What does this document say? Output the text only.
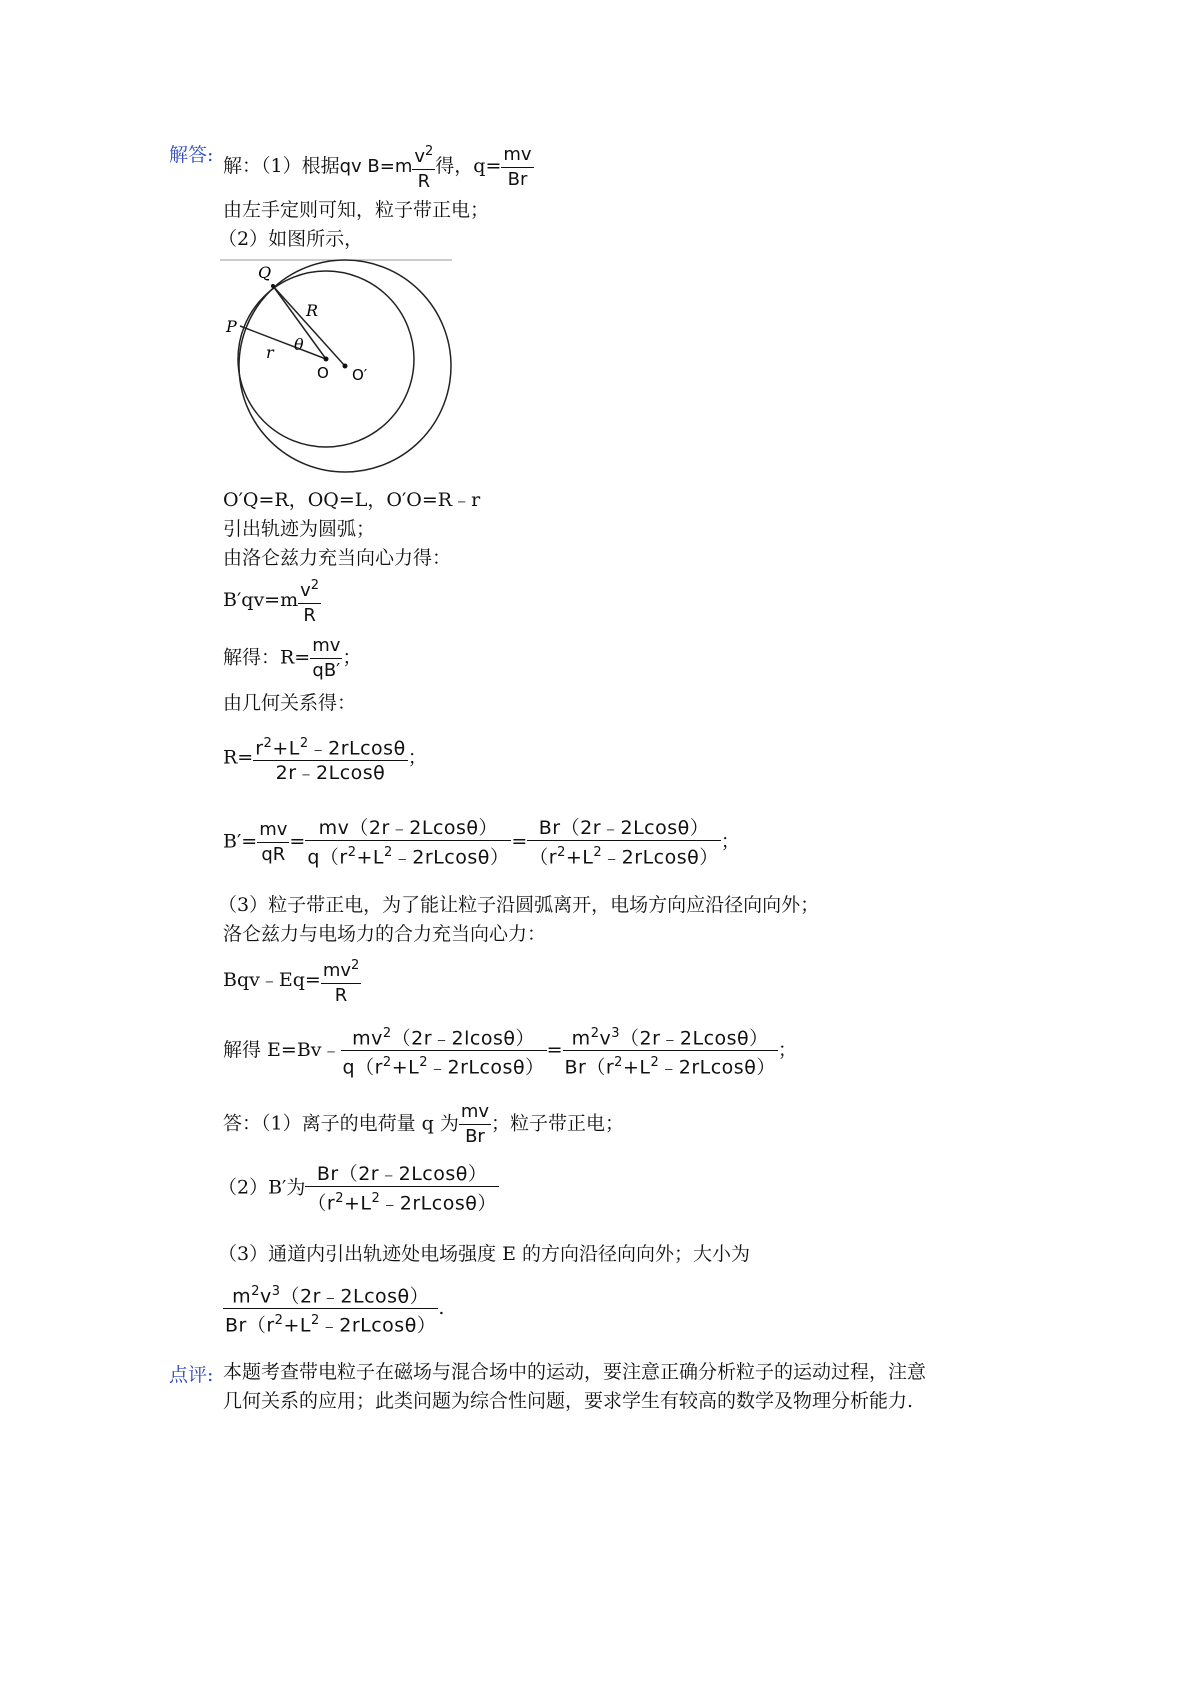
解答:
点评:
解：（1）根据qv $B=m \frac{v^2}{R}$ 得，$q= \frac{mv}{Br}$
由左手定则可知，粒子带正电；
（2）如图所示，
Q
R
P
θ
r
O O′
O′Q=R，OQ=L，O′O=R﹣r
引出轨迹为圆弧；
由洛仑兹力充当向心力得：
$B'qv=m \frac{v^2}{R}$
解得：$R= \frac{mv}{qB'}$ ；
由几何关系得：
$R= \frac{r^2+L^2﹣2rLcos\theta}{2r﹣2Lcos\theta}$ ；
$B'= \frac{mv}{qR} = \frac{mv(2r﹣2Lcos\theta)}{q(r^2+L^2﹣2rLcos\theta)} = \frac{Br(2r﹣2Lcos\theta)}{(r^2+L^2﹣2rLcos\theta)}$ ；
（3）粒子带正电，为了能让粒子沿圆弧离开，电场方向应沿径向向外；
洛仑兹力与电场力的合力充当向心力：
Bqv﹣Eq= $\frac{mv^2}{R}$
解得 E=Bv﹣ $\frac{mv^2(2r﹣2lcos\theta)}{q(r^2+L^2﹣2rLcos\theta)} = \frac{m^2v^3(2r﹣2Lcos\theta)}{Br(r^2+L^2﹣2rLcos\theta)}$ ；
答：（1）离子的电荷量 q 为 $\frac{mv}{Br}$ ；粒子带正电；
（2）B′为 $\frac{Br(2r﹣2Lcos\theta)}{(r^2+L^2﹣2rLcos\theta)}$
（3）通道内引出轨迹处电场强度 E 的方向沿径向向外；大小为
$\frac{m^2v^3(2r﹣2Lcos\theta)}{Br(r^2+L^2﹣2rLcos\theta)}$ .
本题考查带电粒子在磁场与混合场中的运动，要注意正确分析粒子的运动过程，注意
几何关系的应用；此类问题为综合性问题，要求学生有较高的数学及物理分析能力.
